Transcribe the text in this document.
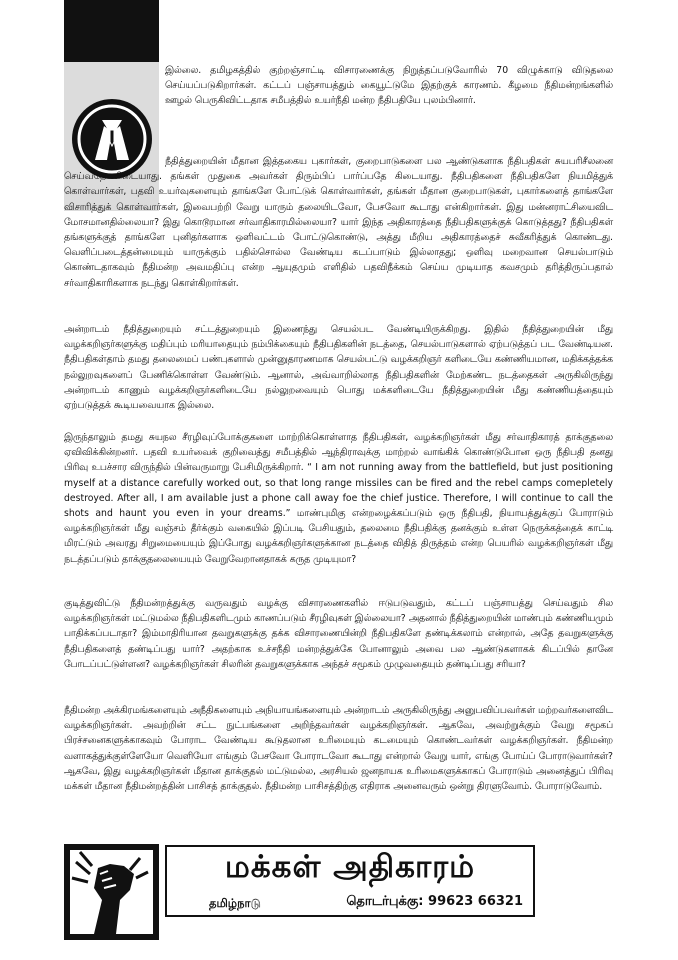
இல்லை. தமிழகத்தில் குற்றஞ்சாட்டி விசாரணைக்கு நிறுத்தப்படுவோரில் 70 விழுக்காடு விடுதலை செய்யப்படுகிறார்கள். கட்டப் பஞ்சாயத்தும் கையூட்டுமே இதற்குக் காரணம். கீழமை நீதிமன்றங்களில் ஊழல் பெருகிவிட்டதாக சமீபத்தில் உயர்நீதி மன்ற நீதிபதியே புலம்பினார்.

நீதித்துறையின் மீதான இத்தகைய புகார்கள், குறைபாடுகளை பல ஆண்டுகளாக நீதிபதிகள் சுயபரிசீலனை செய்வதே கிடையாது. தங்கள் முதுகை அவர்கள் திரும்பிப் பார்ப்பதே கிடையாது. நீதிபதிகளை நீதிபதிகளே நியமித்துக் கொள்வார்கள், பதவி உயர்வுகளையும் தாங்களே போட்டுக் கொள்வார்கள், தங்கள் மீதான குறைபாடுகள், புகார்களைத் தாங்களே விசாரித்துக் கொள்வார்கள், இவைபற்றி வேறு யாரும் தலையிடவோ, பேசவோ கூடாது என்கிறார்கள். இது மன்னராட்சியைவிட மோசமானதில்லையா? இது கொடூரமான சர்வாதிகாரமில்லையா? யார் இந்த அதிகாரத்தை நீதிபதிகளுக்குக் கொடுத்தது? நீதிபதிகள் தங்களுக்குத் தாங்களே புனிதர்களாக ஒளிவட்டம் போட்டுகொண்டு, அத்து மீறிய அதிகாரத்தைச் சுவீகரித்துக் கொண்டது. வெளிப்படைத்தன்மையும் யாருக்கும் பதில்சொல்ல வேண்டிய கடப்பாடும் இல்லாதது; ஒளிவு மறைவான செயல்பாடும் கொண்டதாகவும் நீதிமன்ற அவமதிப்பு என்ற ஆயுதமும் எளிதில் பதவிநீக்கம் செய்ய முடியாத கவசமும் தரித்திருப்பதால் சர்வாதிகாரிகளாக நடந்து கொள்கிறார்கள்.

அன்றாடம் நீதித்துறையும் சட்டத்துறையும் இணைந்து செயல்பட வேண்டியிருக்கிறது. இதில் நீதித்துறையின் மீது வழக்கறிஞர்களுக்கு மதிப்பும் மரியாதையும் நம்பிக்கையும் நீதிபதிகளின் நடத்தை, செயல்பாடுகளால் ஏற்படுத்தப் பட வேண்டியன. நீதிபதிகள்தாம் தமது தலைமைப் பண்புகளால் முன்னுதாரணமாக செயல்பட்டு வழக்கறிஞர் களிடையே கண்ணியமான, மதிக்கத்தக்க நல்லுறவுகளைப் பேணிக்கொள்ள வேண்டும். ஆனால், அவ்வாறில்லாத நீதிபதிகளின் மேற்கண்ட நடத்தைகள் அருகிலிருந்து அன்றாடம் காணும் வழக்கறிஞர்களிடையே நல்லுறவையும் பொது மக்களிடையே நீதித்துறையின் மீது கண்ணியத்தையும் ஏற்படுத்தக் கூடியவையாக இல்லை.

இருந்தாலும் தமது சுயநல சீரழிவுப்போக்குகளை மாற்றிக்கொள்ளாத நீதிபதிகள், வழக்கறிஞர்கள் மீது சர்வாதிகாரத் தாக்குதலை ஏவிவிக்கின்றனர். பதவி உயர்வைக் குறிவைத்து சமீபத்தில் ஆந்திராவுக்கு மாற்றல் வாங்கிக் கொண்டுபோன ஒரு நீதிபதி தனது பிரிவு உபச்சார விருந்தில் பின்வருமாறு பேசிமிருக்கிறார். “ I am not running away from the battlefield, but just positioning myself at a distance carefully worked out, so that long range missiles can be fired and the rebel camps comepletely destroyed. After all, I am available just a phone call away foe the chief justice. Therefore, I will continue to call the shots and haunt you even in your dreams.” மாண்புமிகு என்றழைக்கப்படும் ஒரு நீதிபதி, நியாயத்துக்குப் போராடும் வழக்கறிஞர்கள் மீது வஞ்சம் தீர்க்கும் வகையில் இப்படி பேசியதும், தலைமை நீதிபதிக்கு தனக்கும் உள்ள நெருக்கத்தைக் காட்டி மிரட்டும் அவரது சிறுமையையும் இப்போது வழக்கறிஞர்களுக்கான நடத்தை விதித் திருத்தம் என்ற பெயரில் வழக்கறிஞர்கள் மீது நடத்தப்படும் தாக்குதலையையும் வேறுவேறானதாகக் கருத முடியுமா?

குடித்துவிட்டு நீதிமன்றத்துக்கு வருவதும் வழக்கு விசாரணைகளில் ஈடுபடுவதும், கட்டப் பஞ்சாயத்து செய்வதும் சில வழக்கறிஞர்கள் மட்டுமல்ல நீதிபதிகளிடமும் காணப்படும் சீரழிவுகள் இல்லையா? அதனால் நீதித்துறையின் மாண்பும் கண்ணியமும் பாதிக்கப்படாதா? இம்மாதிரியான தவறுகளுக்கு தக்க விசாரணையின்றி நீதிபதிகளே தண்டிக்கலாம் என்றால், அதே தவறுகளுக்கு நீதிபதிகளைத் தண்டிப்பது யார்? அதற்காக உச்சநீதி மன்றத்துக்கே போனாலும் அவை பல ஆண்டுகளாகக் கிடப்பில் தானே போடப்பட்டுள்ளன? வழக்கறிஞர்கள் சிலரின் தவறுகளுக்காக அந்தச் சமூகம் முழுவதையும் தண்டிப்பது சரியா?

நீதிமன்ற அக்கிரமங்களையும் அநீதிகளையும் அநியாயங்களையும் அன்றாடம் அருகிலிருந்து அனுபவிப்பவர்கள் மற்றவர்களைவிட வழக்கறிஞர்கள். அவற்றின் சட்ட நுட்பங்களை அறிந்தவர்கள் வழக்கறிஞர்கள். ஆகவே, அவற்றுக்கும் வேறு சமூகப் பிரச்சனைகளுக்காகவும் போராட வேண்டிய கூடுதலான உரிமையும் கடமையும் கொண்டவர்கள் வழக்கறிஞர்கள். நீதிமன்ற வளாகத்துக்குள்ளேயோ வெளியோ எங்கும் பேசவோ போராடவோ கூடாது என்றால் வேறு யார், எங்கு போய்ப் போராடுவார்கள்? ஆகவே, இது வழக்கறிஞர்கள் மீதான தாக்குதல் மட்டுமல்ல, அரசியல் ஜனநாயக உரிமைகளுக்காகப் போராடும் அனைத்துப் பிரிவு மக்கள் மீதான நீதிமன்றத்தின் பாசிசத் தாக்குதல். நீதிமன்ற பாசிசத்திற்கு எதிராக அனைவரும் ஒன்று திரளுவோம். போராடுவோம்.

மக்கள் அதிகாரம்
தமிழ்நாடு	தொடர்புக்கு: 99623 66321
